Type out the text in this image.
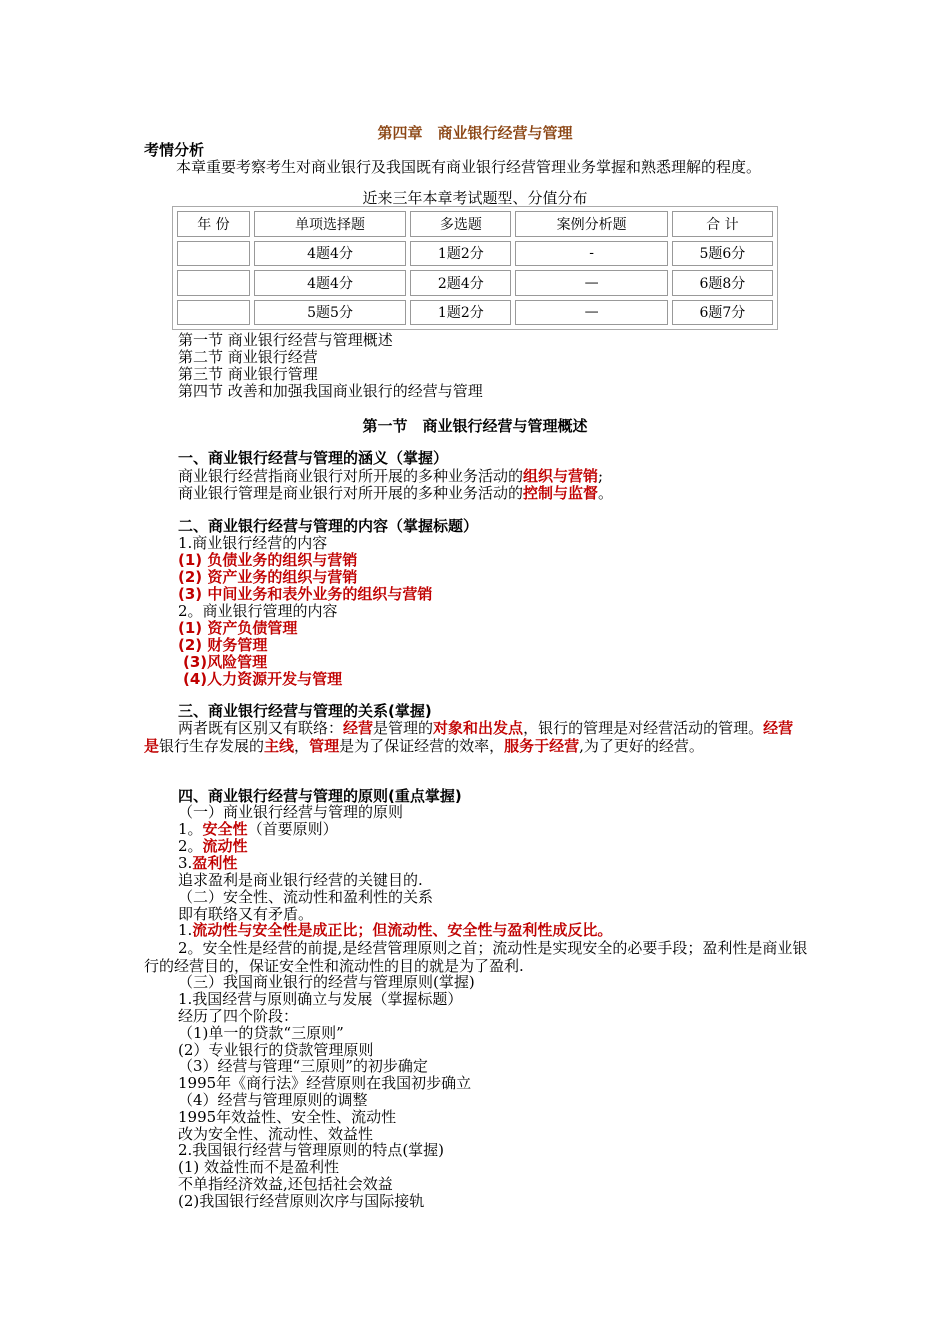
第四章　商业银行经营与管理
考情分析
本章重要考察考生对商业银行及我国既有商业银行经营管理业务掌握和熟悉理解的程度。
近来三年本章考试题型、分值分布
年 份	单项选择题	多选题	案例分析题	合 计
	4题4分	1题2分	-	5题6分
	4题4分	2题4分	—	6题8分
	5题5分	1题2分	—	6题7分
第一节 商业银行经营与管理概述
第二节 商业银行经营
第三节 商业银行管理
第四节 改善和加强我国商业银行的经营与管理
第一节　商业银行经营与管理概述
一、商业银行经营与管理的涵义（掌握）
商业银行经营指商业银行对所开展的多种业务活动的组织与营销;
商业银行管理是商业银行对所开展的多种业务活动的控制与监督。
二、商业银行经营与管理的内容（掌握标题）
1.商业银行经营的内容
(1) 负债业务的组织与营销
(2) 资产业务的组织与营销
(3) 中间业务和表外业务的组织与营销
2。商业银行管理的内容
(1) 资产负债管理
(2) 财务管理
(3)风险管理
(4)人力资源开发与管理
三、商业银行经营与管理的关系(掌握)
两者既有区别又有联络：经营是管理的对象和出发点，银行的管理是对经营活动的管理。经营是银行生存发展的主线，管理是为了保证经营的效率，服务于经营,为了更好的经营。
四、商业银行经营与管理的原则(重点掌握)
（一）商业银行经营与管理的原则
1。安全性（首要原则）
2。流动性
3.盈利性
追求盈利是商业银行经营的关键目的.
（二）安全性、流动性和盈利性的关系
即有联络又有矛盾。
1.流动性与安全性是成正比；但流动性、安全性与盈利性成反比。
2。安全性是经营的前提,是经营管理原则之首；流动性是实现安全的必要手段；盈利性是商业银行的经营目的，保证安全性和流动性的目的就是为了盈利.
（三）我国商业银行的经营与管理原则(掌握)
1.我国经营与原则确立与发展（掌握标题）
经历了四个阶段：
（1)单一的贷款“三原则”
(2）专业银行的贷款管理原则
（3）经营与管理“三原则”的初步确定
1995年《商行法》经营原则在我国初步确立
（4）经营与管理原则的调整
1995年效益性、安全性、流动性
改为安全性、流动性、效益性
2.我国银行经营与管理原则的特点(掌握)
(1) 效益性而不是盈利性
不单指经济效益,还包括社会效益
(2)我国银行经营原则次序与国际接轨
